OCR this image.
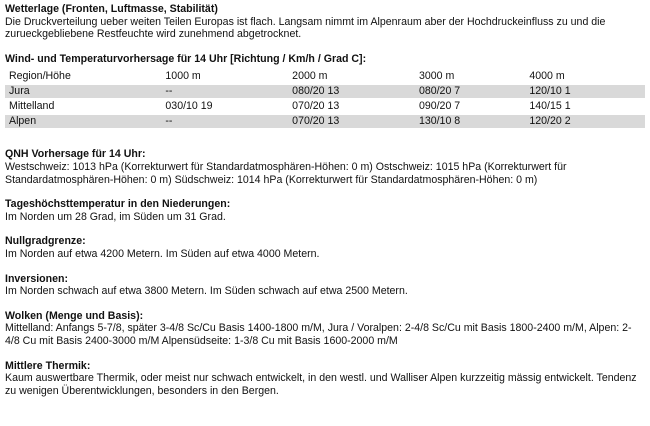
Wetterlage (Fronten, Luftmasse, Stabilität)
Die Druckverteilung ueber weiten Teilen Europas ist flach. Langsam nimmt im Alpenraum aber der Hochdruckeinfluss zu und die zurueckgebliebene Restfeuchte wird zunehmend abgetrocknet.
Wind- und Temperaturvorhersage für 14 Uhr [Richtung / Km/h / Grad C]:
Region/Höhe	1000 m	2000 m	3000 m	4000 m
Jura	--	080/20 13	080/20 7	120/10 1
Mittelland	030/10 19	070/20 13	090/20 7	140/15 1
Alpen	--	070/20 13	130/10 8	120/20 2
QNH Vorhersage für 14 Uhr:
Westschweiz: 1013 hPa (Korrekturwert für Standardatmosphären-Höhen: 0 m) Ostschweiz: 1015 hPa (Korrekturwert für Standardatmosphären-Höhen: 0 m) Südschweiz: 1014 hPa (Korrekturwert für Standardatmosphären-Höhen: 0 m)
Tageshöchsttemperatur in den Niederungen:
Im Norden um 28 Grad, im Süden um 31 Grad.
Nullgradgrenze:
Im Norden auf etwa 4200 Metern. Im Süden auf etwa 4000 Metern.
Inversionen:
Im Norden schwach auf etwa 3800 Metern. Im Süden schwach auf etwa 2500 Metern.
Wolken (Menge und Basis):
Mittelland: Anfangs 5-7/8, später 3-4/8 Sc/Cu Basis 1400-1800 m/M, Jura / Voralpen: 2-4/8 Sc/Cu mit Basis 1800-2400 m/M, Alpen: 2-4/8 Cu mit Basis 2400-3000 m/M Alpensüdseite: 1-3/8 Cu mit Basis 1600-2000 m/M
Mittlere Thermik:
Kaum auswertbare Thermik, oder meist nur schwach entwickelt, in den westl. und Walliser Alpen kurzzeitig mässig entwickelt. Tendenz zu wenigen Überentwicklungen, besonders in den Bergen.
